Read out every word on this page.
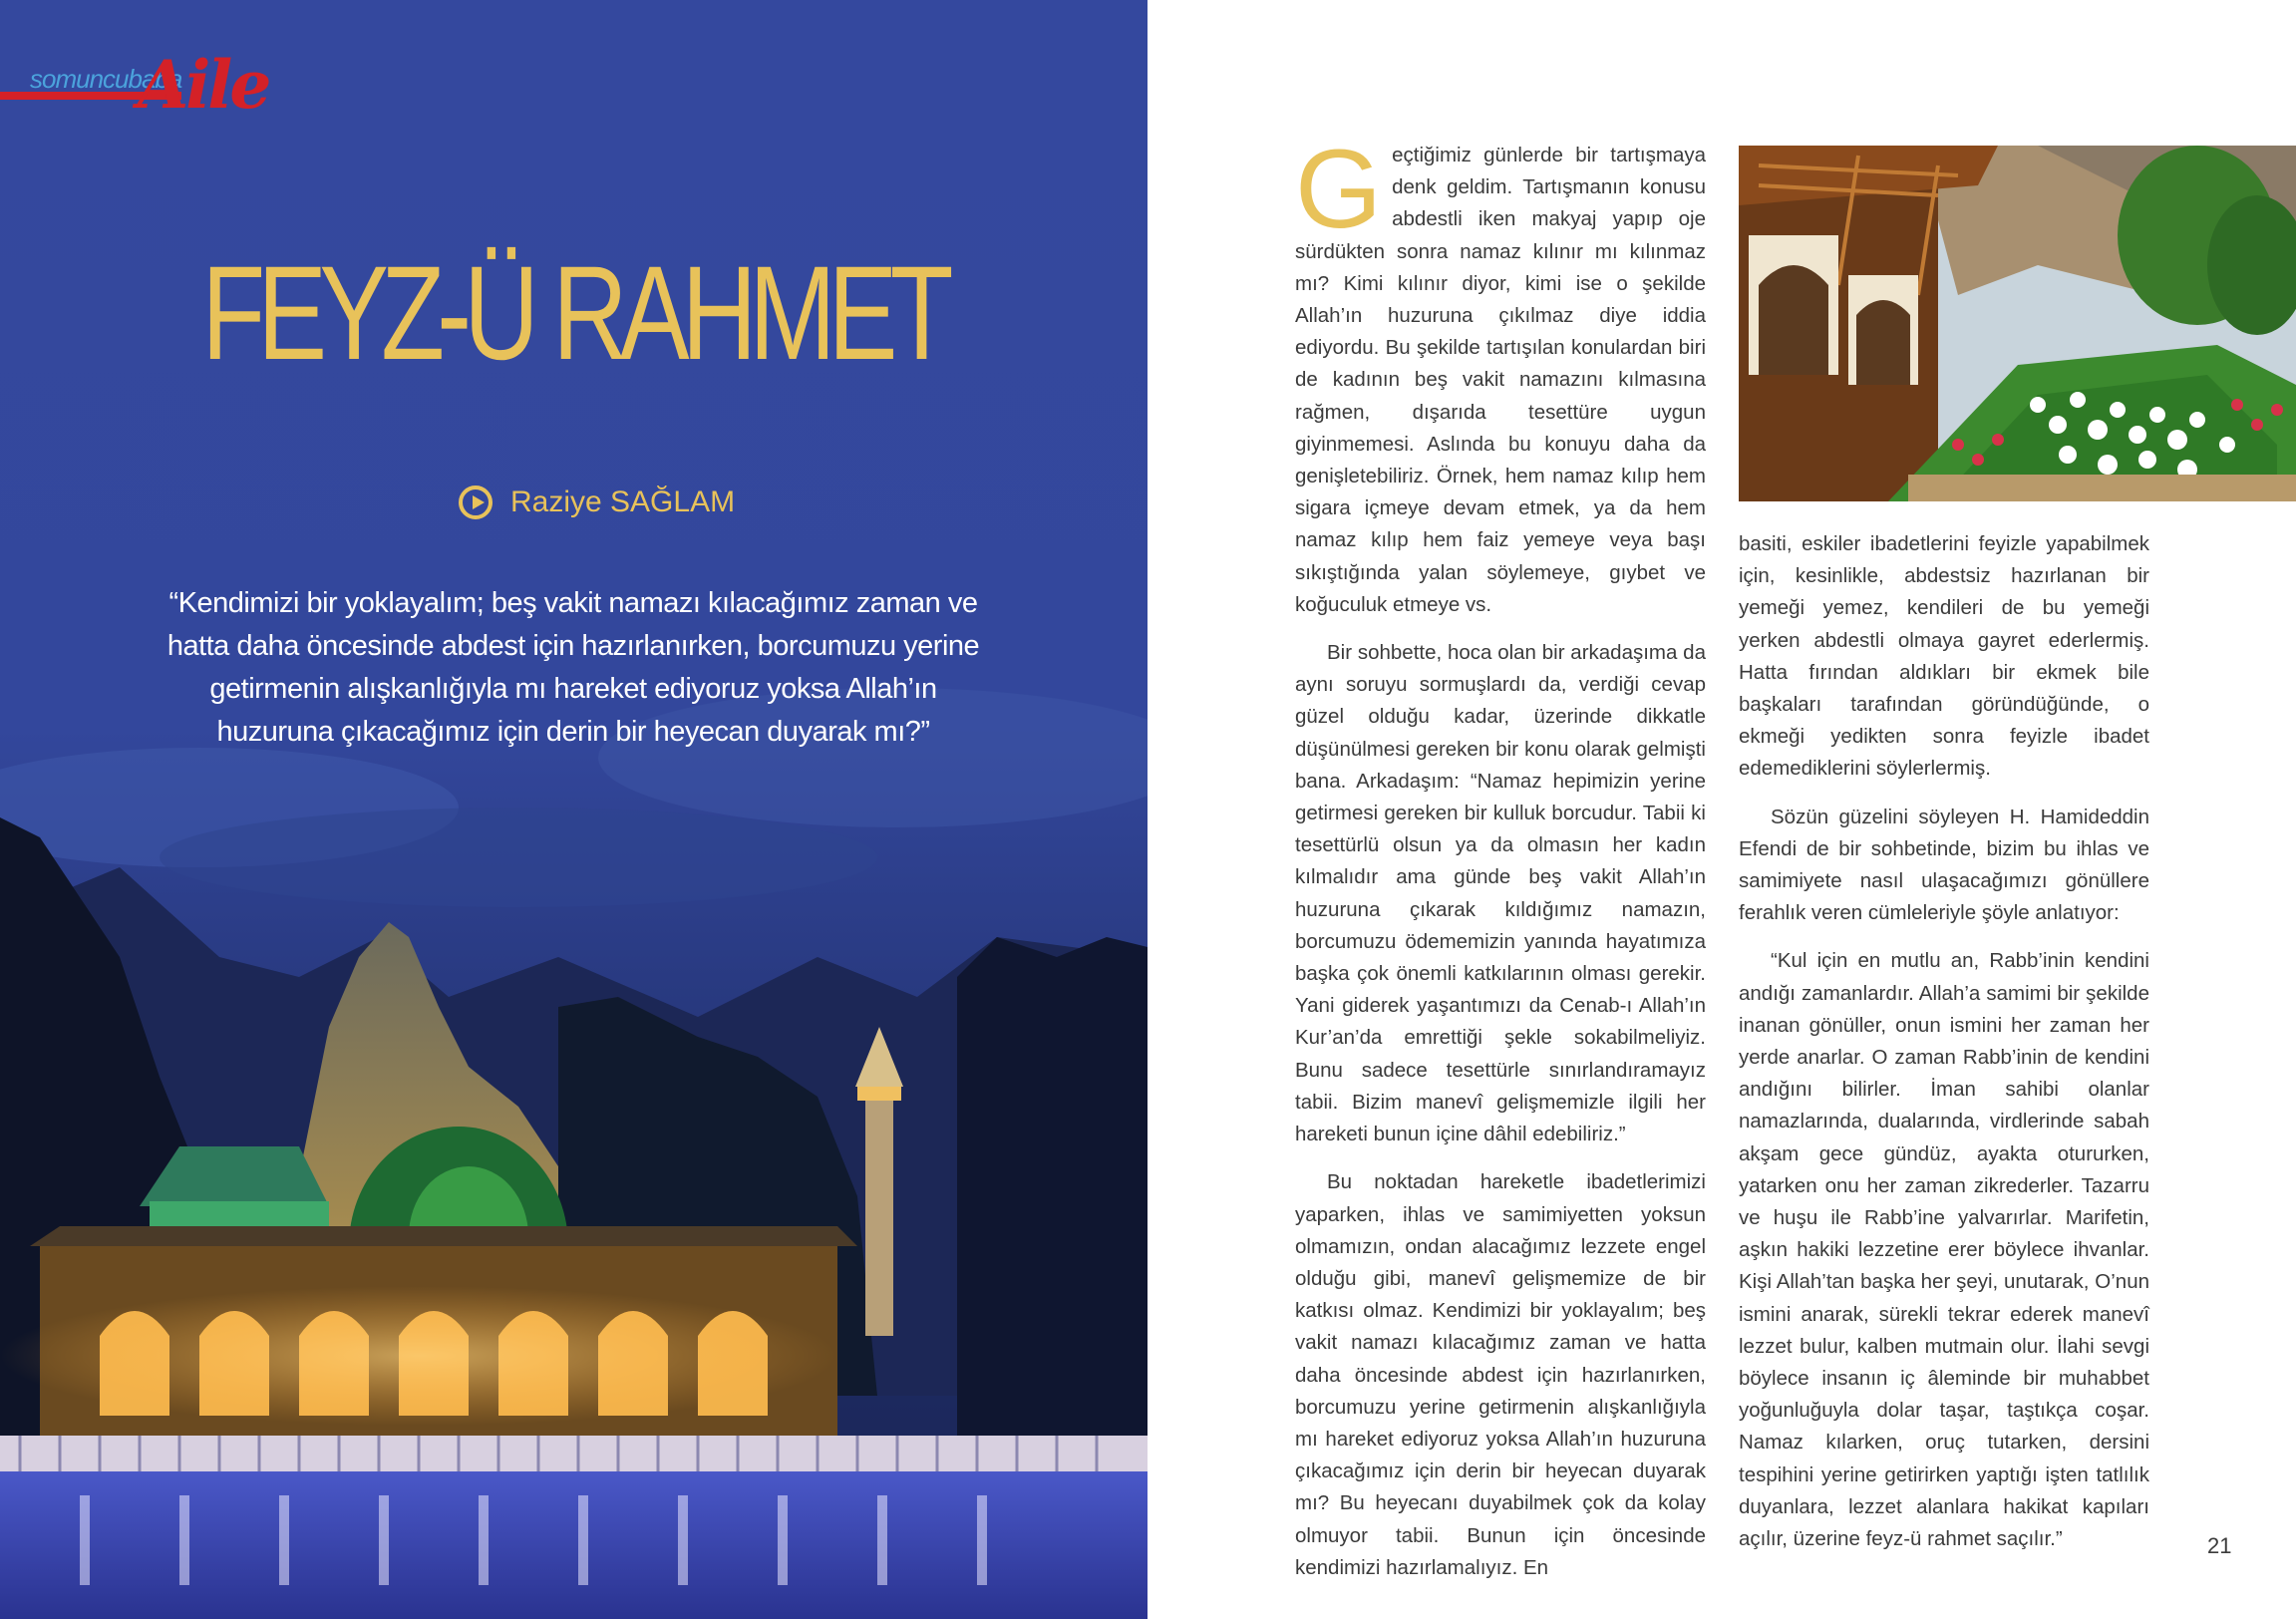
somuncubaba
Aile
FEYZ-Ü RAHMET
Raziye SAĞLAM
“Kendimizi bir yoklayalım; beş vakit namazı kılacağımız zaman ve hatta daha öncesinde abdest için hazırlanırken, borcumuzu yerine getirmenin alışkanlığıyla mı hareket ediyoruz yoksa Allah’ın huzuruna çıkacağımız için derin bir heyecan duyarak mı?”

Geçtiğimiz günlerde bir tartışmaya denk geldim. Tartışmanın konusu abdestli iken makyaj yapıp oje sürdükten sonra namaz kılınır mı kılınmaz mı? Kimi kılınır diyor, kimi ise o şekilde Allah’ın huzuruna çıkılmaz diye iddia ediyordu. Bu şekilde tartışılan konulardan biri de kadının beş vakit namazını kılmasına rağmen, dışarıda tesettüre uygun giyinmemesi. Aslında bu konuyu daha da genişletebiliriz. Örnek, hem namaz kılıp hem sigara içmeye devam etmek, ya da hem namaz kılıp hem faiz yemeye veya başı sıkıştığında yalan söylemeye, gıybet ve koğuculuk etmeye vs.

Bir sohbette, hoca olan bir arkadaşıma da aynı soruyu sormuşlardı da, verdiği cevap güzel olduğu kadar, üzerinde dikkatle düşünülmesi gereken bir konu olarak gelmişti bana. Arkadaşım: “Namaz hepimizin yerine getirmesi gereken bir kulluk borcudur. Tabii ki tesettürlü olsun ya da olmasın her kadın kılmalıdır ama günde beş vakit Allah’ın huzuruna çıkarak kıldığımız namazın, borcumuzu ödememizin yanında hayatımıza başka çok önemli katkılarının olması gerekir. Yani giderek yaşantımızı da Cenab-ı Allah’ın Kur’an’da emrettiği şekle sokabilmeliyiz. Bunu sadece tesettürle sınırlandıramayız tabii. Bizim manevî gelişmemizle ilgili her hareketi bunun içine dâhil edebiliriz.”

Bu noktadan hareketle ibadetlerimizi yaparken, ihlas ve samimiyetten yoksun olmamızın, ondan alacağımız lezzete engel olduğu gibi, manevî gelişmemize de bir katkısı olmaz. Kendimizi bir yoklayalım; beş vakit namazı kılacağımız zaman ve hatta daha öncesinde abdest için hazırlanırken, borcumuzu yerine getirmenin alışkanlığıyla mı hareket ediyoruz yoksa Allah’ın huzuruna çıkacağımız için derin bir heyecan duyarak mı? Bu heyecanı duyabilmek çok da kolay olmuyor tabii. Bunun için öncesinde kendimizi hazırlamalıyız. En

basiti, eskiler ibadetlerini feyizle yapabilmek için, kesinlikle, abdestsiz hazırlanan bir yemeği yemez, kendileri de bu yemeği yerken abdestli olmaya gayret ederlermiş. Hatta fırından aldıkları bir ekmek bile başkaları tarafından göründüğünde, o ekmeği yedikten sonra feyizle ibadet edemediklerini söylerlermiş.

Sözün güzelini söyleyen H. Hamideddin Efendi de bir sohbetinde, bizim bu ihlas ve samimiyete nasıl ulaşacağımızı gönüllere ferahlık veren cümleleriyle şöyle anlatıyor:

“Kul için en mutlu an, Rabb’inin kendini andığı zamanlardır. Allah’a samimi bir şekilde inanan gönüller, onun ismini her zaman her yerde anarlar. O zaman Rabb’inin de kendini andığını bilirler. İman sahibi olanlar namazlarında, dualarında, virdlerinde sabah akşam gece gündüz, ayakta otururken, yatarken onu her zaman zikrederler. Tazarru ve huşu ile Rabb’ine yalvarırlar. Marifetin, aşkın hakiki lezzetine erer böylece ihvanlar. Kişi Allah’tan başka her şeyi, unutarak, O’nun ismini anarak, sürekli tekrar ederek manevî lezzet bulur, kalben mutmain olur. İlahi sevgi böylece insanın iç âleminde bir muhabbet yoğunluğuyla dolar taşar, taştıkça coşar. Namaz kılarken, oruç tutarken, dersini tespihini yerine getirirken yaptığı işten tatlılık duyanlara, lezzet alanlara hakikat kapıları açılır, üzerine feyz-ü rahmet saçılır.”	21
